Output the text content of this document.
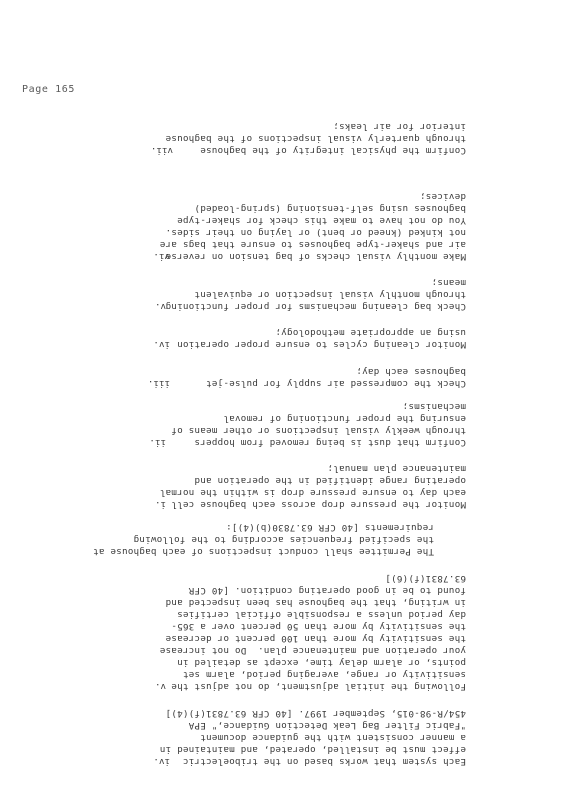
Page 165
iv. Each system that works based on the triboelectric
effect must be installed, operated, and maintained in
a manner consistent with the guidance document
"Fabric Filter Bag Leak Detection Guidance," EPA
454/R-98-015, September 1997. [40 CFR 63.7831(f)(4)]
v. Following the initial adjustment, do not adjust the
sensitivity or range, averaging period, alarm set
points, or alarm delay time, except as detailed in
your operation and maintenance plan.  Do not increase
the sensitivity by more than 100 percent or decrease
the sensitivity by more than 50 percent over a 365-
day period unless a responsible official certifies
in writing, that the baghouse has been inspected and
found to be in good operating condition. [40 CFR
63.7831(f)(6)]
The Permittee shall conduct inspections of each baghouse at
the specified frequencies according to the following
requirements [40 CFR 63.7830(b)(4)]:
i. Monitor the pressure drop across each baghouse cell
each day to ensure pressure drop is within the normal
operating range identified in the operation and
maintenance plan manual;
ii.	Confirm that dust is being removed from hoppers
through weekly visual inspections or other means of
ensuring the proper functioning of removal
mechanisms;
iii.	Check the compressed air supply for pulse-jet
baghouses each day;
iv. Monitor cleaning cycles to ensure proper operation
using an appropriate methodology;
v. Check bag cleaning mechanisms for proper functioning
through monthly visual inspection or equivalent
means;
vi.
Make monthly visual checks of bag tension on reverse
air and shaker-type baghouses to ensure that bags are
not kinked (kneed or bent) or laying on their sides.
You do not have to make this check for shaker-type
baghouses using self-tensioning (spring-loaded)
devices;
vii.	Confirm the physical integrity of the baghouse
through quarterly visual inspections of the baghouse
interior for air leaks;
